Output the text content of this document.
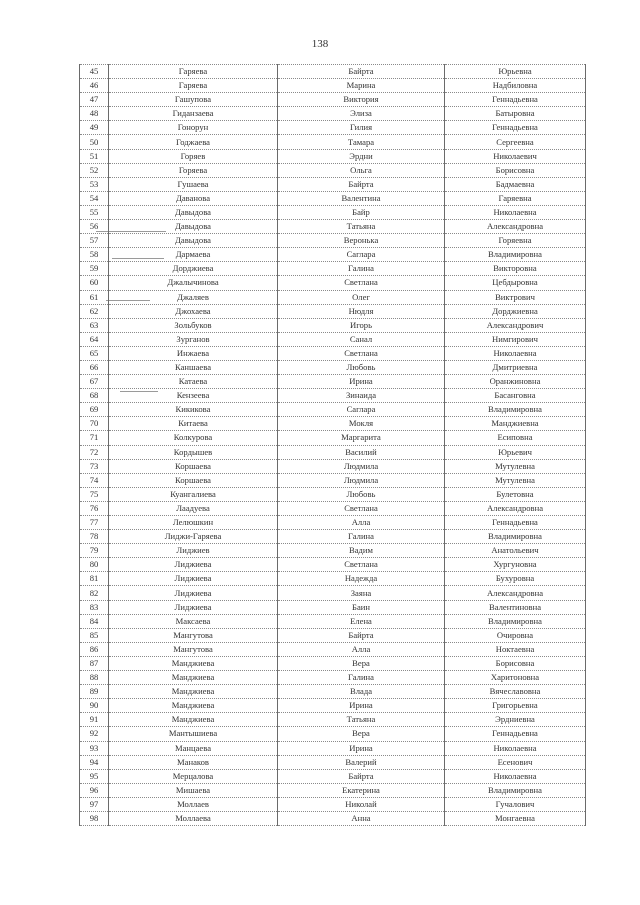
138
45	Гаряева	Байрта	Юрьевна
46	Гаряева	Марина	Надбиловна
47	Гашупова	Виктория	Геннадьевна
48	Гиданзаева	Элиза	Батыровна
49	Гонорун	Гилия	Геннадьевна
50	Годжаева	Тамара	Сергеевна
51	Горяев	Эрдни	Николаевич
52	Горяева	Ольга	Борисовна
53	Гушаева	Байрта	Бадмаевна
54	Даванова	Валентина	Гаряевна
55	Давыдова	Байр	Николаевна
56	Давыдова	Татьяна	Александровна
57	Давыдова	Веронька	Горяевна
58	Дармаева	Саглара	Владимировна
59	Дорджиева	Галина	Викторовна
60	Джалычинова	Светлана	Цебдыровна
61	Джаляев	Олег	Виктрович
62	Джохаева	Нюдля	Дорджиевна
63	Зольбуков	Игорь	Александрович
64	Зурганов	Санал	Нимгирович
65	Инжаева	Светлана	Николаевна
66	Каншаева	Любовь	Дмитриевна
67	Катаева	Ирина	Оранжиновна
68	Кензеева	Зинаида	Басанговна
69	Кикикова	Саглара	Владимировна
70	Китаева	Мокля	Манджиевна
71	Колкурова	Маргарита	Есиповна
72	Кордышев	Василий	Юрьевич
73	Коршаева	Людмила	Мутулевна
74	Коршаева	Людмила	Мутулевна
75	Куангалиева	Любовь	Булетовна
76	Лаадуева	Светлана	Александровна
77	Лелюшкин	Алла	Геннадьевна
78	Лиджи-Гаряева	Галина	Владимировна
79	Лиджиев	Вадим	Анатольевич
80	Лиджиева	Светлана	Хургуновна
81	Лиджиева	Надежда	Бухуровна
82	Лиджиева	Заяна	Александровна
83	Лиджиева	Баин	Валентиновна
84	Максаева	Елена	Владимировна
85	Мангутова	Байрта	Очировна
86	Мангутова	Алла	Ноктаевна
87	Манджиева	Вера	Борисовна
88	Манджиева	Галина	Харитоновна
89	Манджиева	Влада	Вячеславовна
90	Манджиева	Ирина	Григорьевна
91	Манджиева	Татьяна	Эрдниевна
92	Мантышиева	Вера	Геннадьевна
93	Манцаева	Ирина	Николаевна
94	Манаков	Валерий	Есенович
95	Мерцалова	Байрта	Николаевна
96	Мишаева	Екатерина	Владимировна
97	Моллаев	Николай	Гучалович
98	Моллаева	Анна	Монгаевна
